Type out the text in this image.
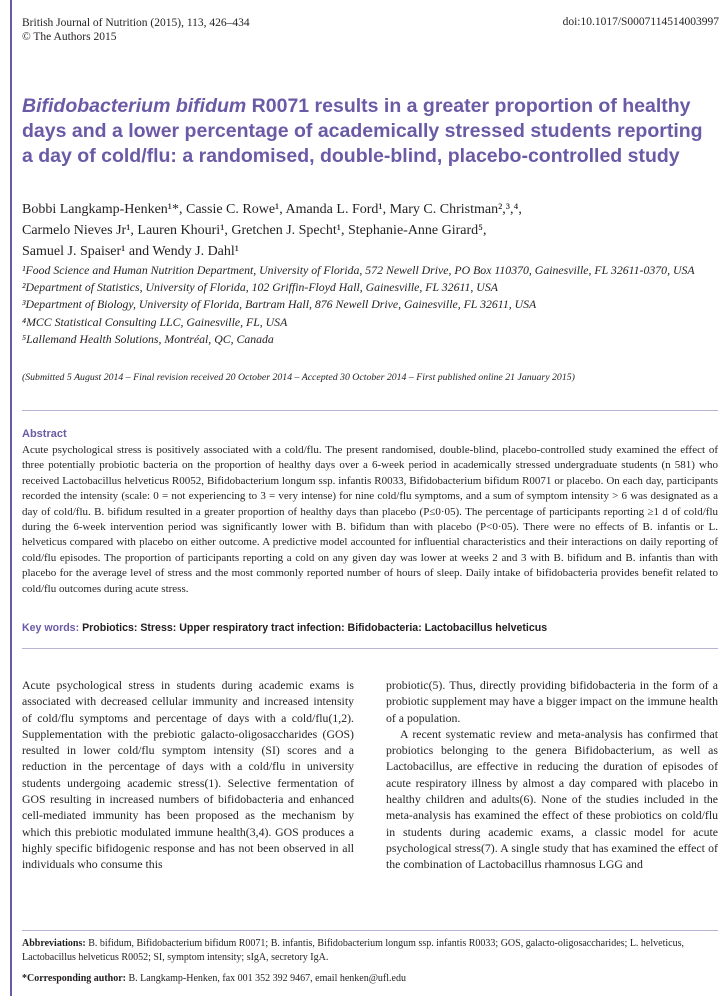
British Journal of Nutrition (2015), 113, 426–434
© The Authors 2015
doi:10.1017/S0007114514003997
Bifidobacterium bifidum R0071 results in a greater proportion of healthy days and a lower percentage of academically stressed students reporting a day of cold/flu: a randomised, double-blind, placebo-controlled study
Bobbi Langkamp-Henken¹*, Cassie C. Rowe¹, Amanda L. Ford¹, Mary C. Christman²,³,⁴,
Carmelo Nieves Jr¹, Lauren Khouri¹, Gretchen J. Specht¹, Stephanie-Anne Girard⁵,
Samuel J. Spaiser¹ and Wendy J. Dahl¹
¹Food Science and Human Nutrition Department, University of Florida, 572 Newell Drive, PO Box 110370, Gainesville, FL 32611-0370, USA
²Department of Statistics, University of Florida, 102 Griffin-Floyd Hall, Gainesville, FL 32611, USA
³Department of Biology, University of Florida, Bartram Hall, 876 Newell Drive, Gainesville, FL 32611, USA
⁴MCC Statistical Consulting LLC, Gainesville, FL, USA
⁵Lallemand Health Solutions, Montréal, QC, Canada
(Submitted 5 August 2014 – Final revision received 20 October 2014 – Accepted 30 October 2014 – First published online 21 January 2015)
Abstract
Acute psychological stress is positively associated with a cold/flu. The present randomised, double-blind, placebo-controlled study examined the effect of three potentially probiotic bacteria on the proportion of healthy days over a 6-week period in academically stressed undergraduate students (n 581) who received Lactobacillus helveticus R0052, Bifidobacterium longum ssp. infantis R0033, Bifidobacterium bifidum R0071 or placebo. On each day, participants recorded the intensity (scale: 0 = not experiencing to 3 = very intense) for nine cold/flu symptoms, and a sum of symptom intensity > 6 was designated as a day of cold/flu. B. bifidum resulted in a greater proportion of healthy days than placebo (P≤0·05). The percentage of participants reporting ≥1 d of cold/flu during the 6-week intervention period was significantly lower with B. bifidum than with placebo (P<0·05). There were no effects of B. infantis or L. helveticus compared with placebo on either outcome. A predictive model accounted for influential characteristics and their interactions on daily reporting of cold/flu episodes. The proportion of participants reporting a cold on any given day was lower at weeks 2 and 3 with B. bifidum and B. infantis than with placebo for the average level of stress and the most commonly reported number of hours of sleep. Daily intake of bifidobacteria provides benefit related to cold/flu outcomes during acute stress.
Key words: Probiotics: Stress: Upper respiratory tract infection: Bifidobacteria: Lactobacillus helveticus

Acute psychological stress in students during academic exams is associated with decreased cellular immunity and increased intensity of cold/flu symptoms and percentage of days with a cold/flu(1,2). Supplementation with the prebiotic galacto-oligosaccharides (GOS) resulted in lower cold/flu symptom intensity (SI) scores and a reduction in the percentage of days with a cold/flu in university students undergoing academic stress(1). Selective fermentation of GOS resulting in increased numbers of bifidobacteria and enhanced cell-mediated immunity has been proposed as the mechanism by which this prebiotic modulated immune health(3,4). GOS produces a highly specific bifidogenic response and has not been observed in all individuals who consume this

probiotic(5). Thus, directly providing bifidobacteria in the form of a probiotic supplement may have a bigger impact on the immune health of a population.

A recent systematic review and meta-analysis has confirmed that probiotics belonging to the genera Bifidobacterium, as well as Lactobacillus, are effective in reducing the duration of episodes of acute respiratory illness by almost a day compared with placebo in healthy children and adults(6). None of the studies included in the meta-analysis has examined the effect of these probiotics on cold/flu in students during academic exams, a classic model for acute psychological stress(7). A single study that has examined the effect of the combination of Lactobacillus rhamnosus LGG and

Abbreviations: B. bifidum, Bifidobacterium bifidum R0071; B. infantis, Bifidobacterium longum ssp. infantis R0033; GOS, galacto-oligosaccharides; L. helveticus, Lactobacillus helveticus R0052; SI, symptom intensity; sIgA, secretory IgA.
*Corresponding author: B. Langkamp-Henken, fax 001 352 392 9467, email henken@ufl.edu
